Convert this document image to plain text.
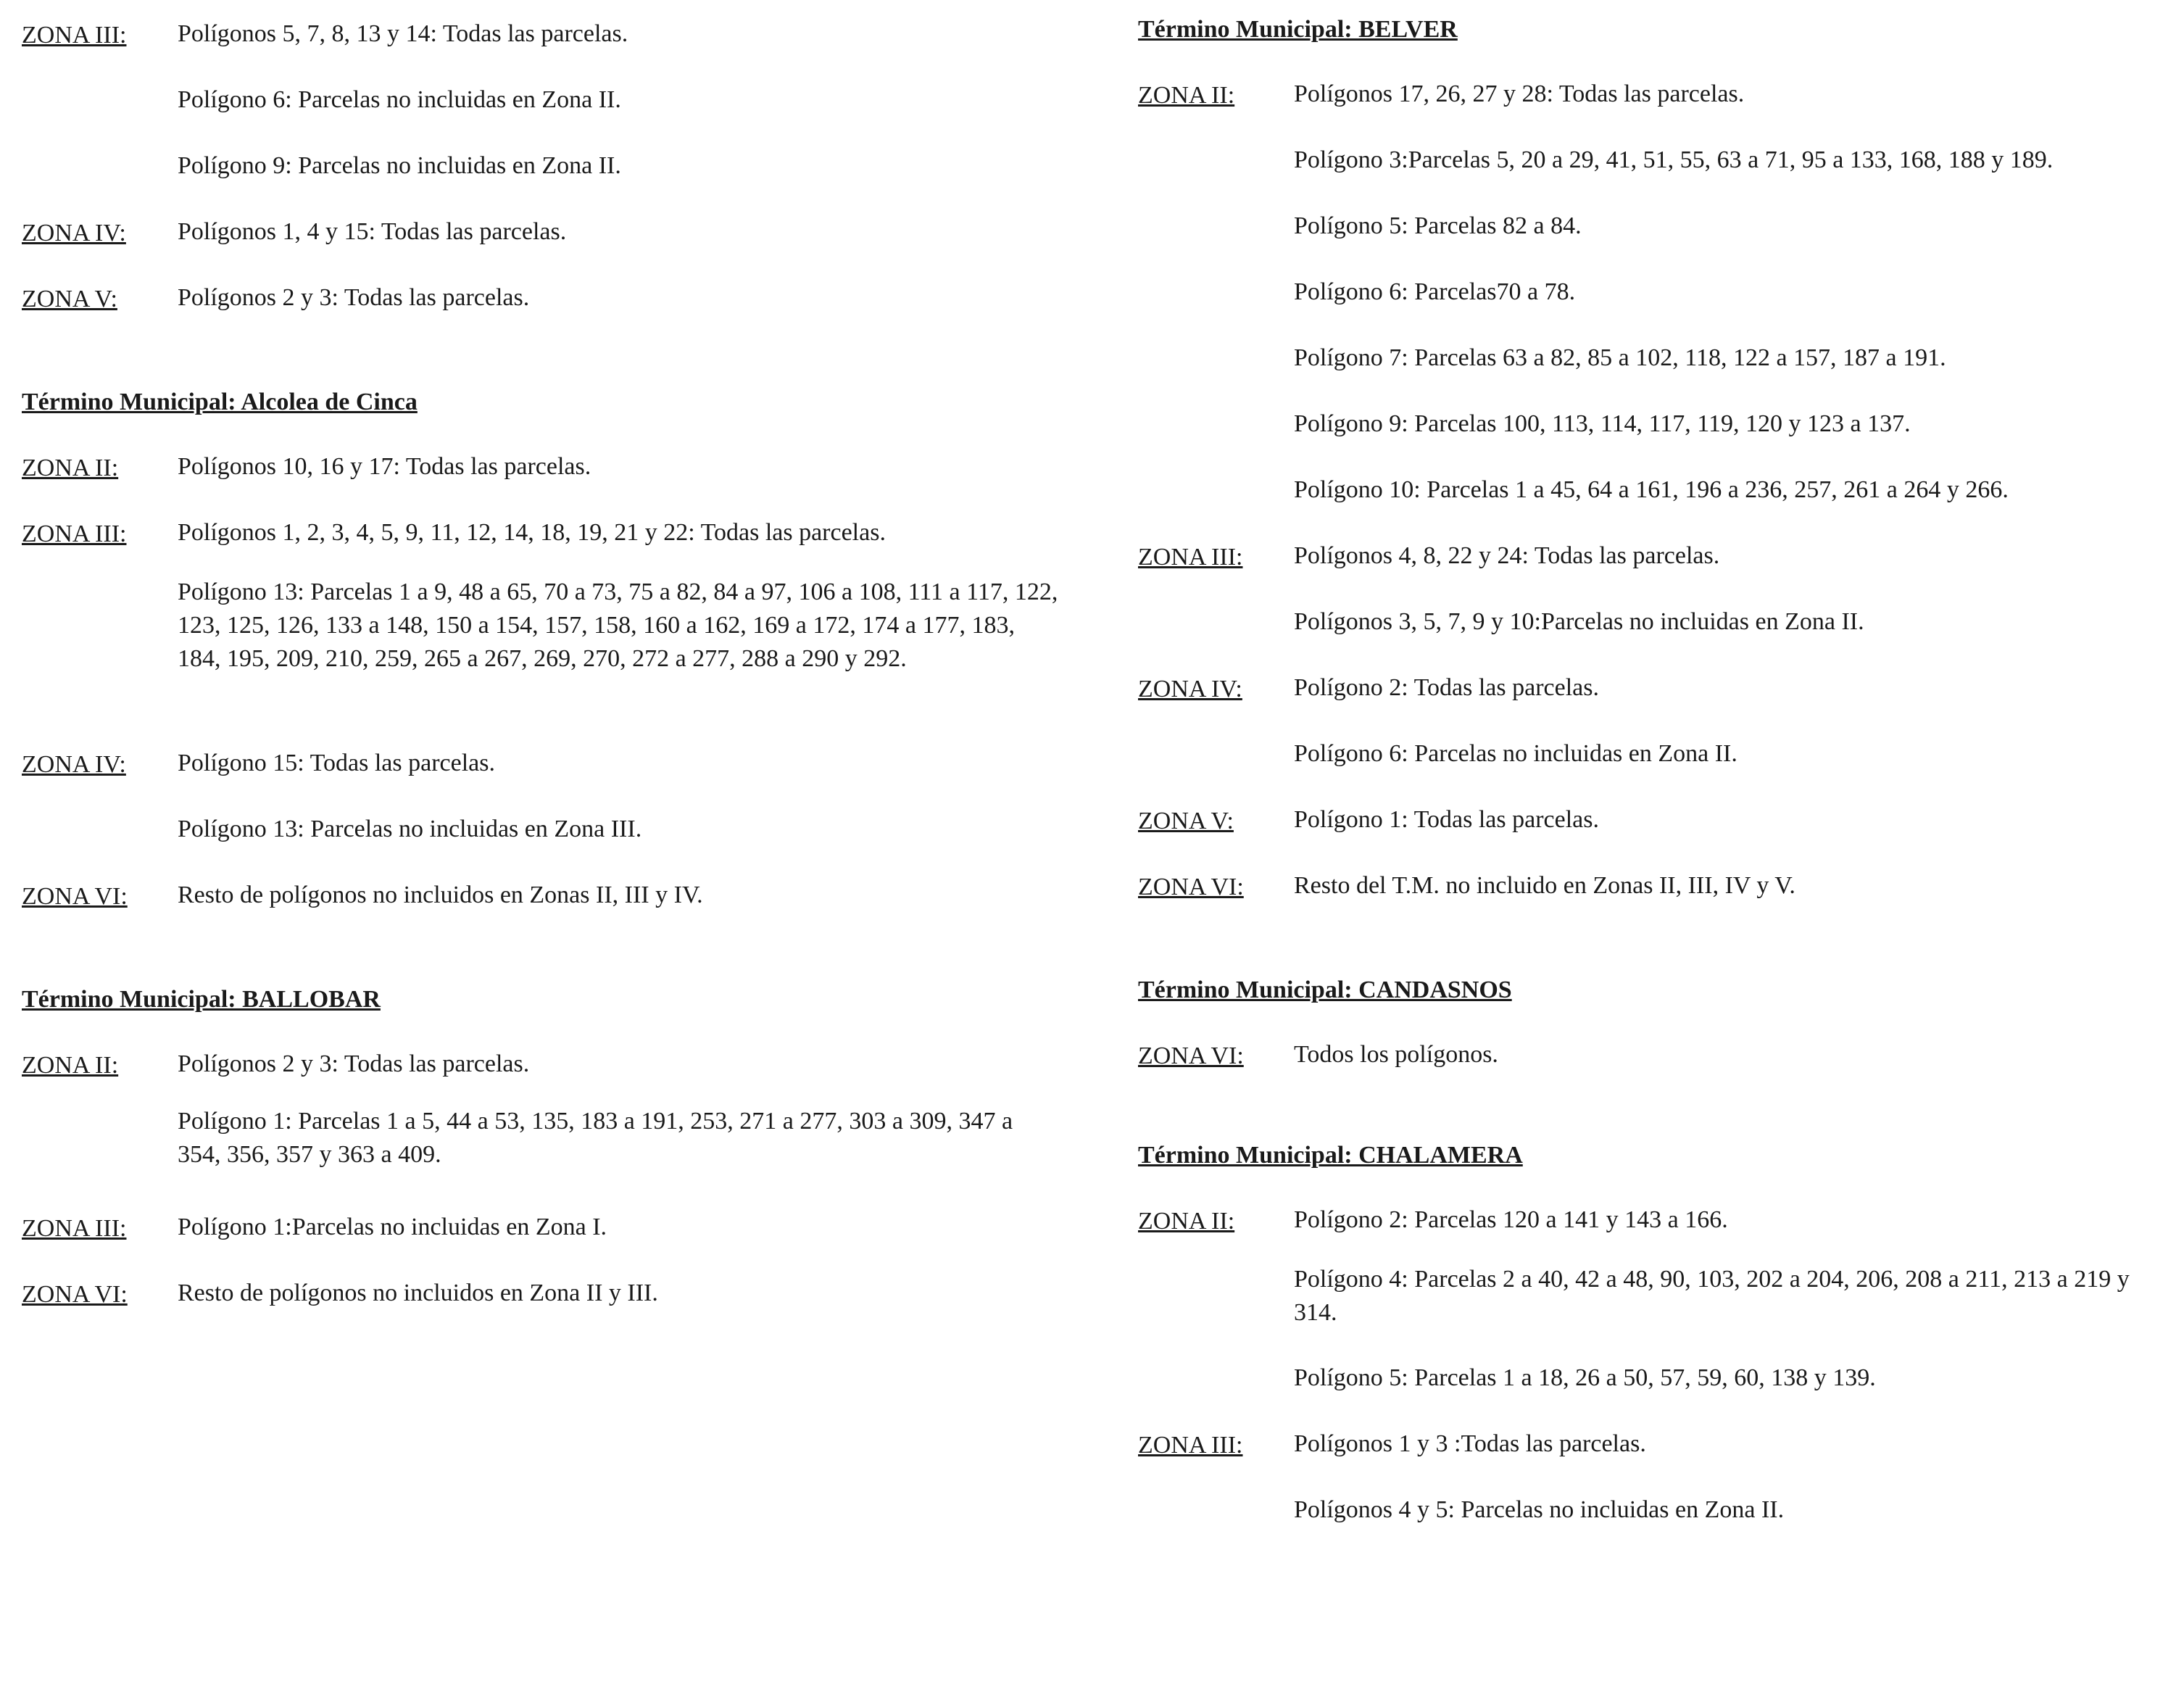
ZONA III: Polígonos 5, 7, 8, 13 y 14: Todas las parcelas.
Polígono 6: Parcelas no incluidas en Zona II.
Polígono 9: Parcelas no incluidas en Zona II.
ZONA IV: Polígonos 1, 4 y 15: Todas las parcelas.
ZONA V: Polígonos 2 y 3: Todas las parcelas.
Término Municipal: Alcolea de Cinca
ZONA II: Polígonos 10, 16 y 17: Todas las parcelas.
ZONA III: Polígonos 1, 2, 3, 4, 5, 9, 11, 12, 14, 18, 19, 21 y 22: Todas las parcelas.
Polígono 13: Parcelas 1 a 9, 48 a 65, 70 a 73, 75 a 82, 84 a 97, 106 a 108, 111 a 117, 122, 123, 125, 126, 133 a 148, 150 a 154, 157, 158, 160 a 162, 169 a 172, 174 a 177, 183, 184, 195, 209, 210, 259, 265 a 267, 269, 270, 272 a 277, 288 a 290 y 292.
ZONA IV: Polígono 15: Todas las parcelas.
Polígono 13: Parcelas no incluidas en Zona III.
ZONA VI: Resto de polígonos no incluidos en Zonas II, III y IV.
Término Municipal: BALLOBAR
ZONA II: Polígonos 2 y 3: Todas las parcelas.
Polígono 1: Parcelas 1 a 5, 44 a 53, 135, 183 a 191, 253, 271 a 277, 303 a 309, 347 a 354, 356, 357 y 363 a 409.
ZONA III: Polígono 1:Parcelas no incluidas en Zona I.
ZONA VI: Resto de polígonos no incluidos en Zona II y III.
Término Municipal: BELVER
ZONA II: Polígonos 17, 26, 27 y 28: Todas las parcelas.
Polígono 3:Parcelas 5, 20 a 29, 41, 51, 55, 63 a 71, 95 a 133, 168, 188 y 189.
Polígono 5: Parcelas 82 a 84.
Polígono 6: Parcelas70 a 78.
Polígono 7: Parcelas 63 a 82, 85 a 102, 118, 122 a 157, 187 a 191.
Polígono 9: Parcelas 100, 113, 114, 117, 119, 120 y 123 a 137.
Polígono 10: Parcelas 1 a 45, 64 a 161, 196 a 236, 257, 261 a 264 y 266.
ZONA III: Polígonos 4, 8, 22 y 24: Todas las parcelas.
Polígonos 3, 5, 7, 9 y 10:Parcelas no incluidas en Zona II.
ZONA IV: Polígono 2: Todas las parcelas.
Polígono 6: Parcelas no incluidas en Zona II.
ZONA V: Polígono 1: Todas las parcelas.
ZONA VI: Resto del T.M. no incluido en Zonas II, III, IV y V.
Término Municipal: CANDASNOS
ZONA VI: Todos los polígonos.
Término Municipal: CHALAMERA
ZONA II: Polígono 2: Parcelas 120 a 141 y 143 a 166.
Polígono 4: Parcelas 2 a 40, 42 a 48, 90, 103, 202 a 204, 206, 208 a 211, 213 a 219 y 314.
Polígono 5: Parcelas 1 a 18, 26 a 50, 57, 59, 60, 138 y 139.
ZONA III: Polígonos 1 y 3 :Todas las parcelas.
Polígonos 4 y 5: Parcelas no incluidas en Zona II.
